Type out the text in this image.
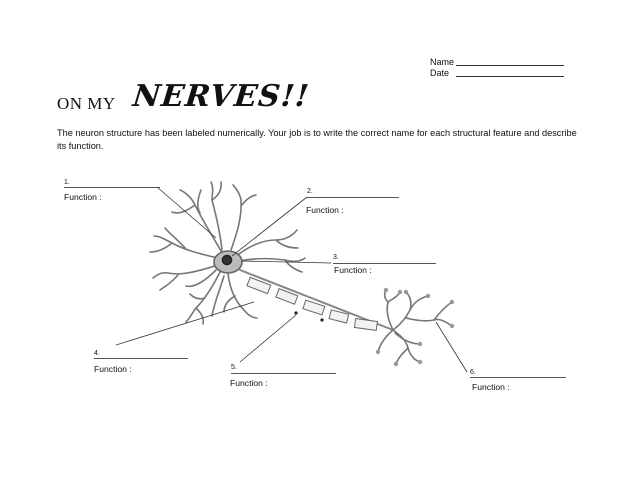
Name
Date
ON MY NERVES!!
The neuron structure has been labeled numerically. Your job is to write the correct name for each structural feature and describe its function.
1.
Function :
2.
Function :
3.
Function :
4.
Function :	5.
Function :
6.
Function :
